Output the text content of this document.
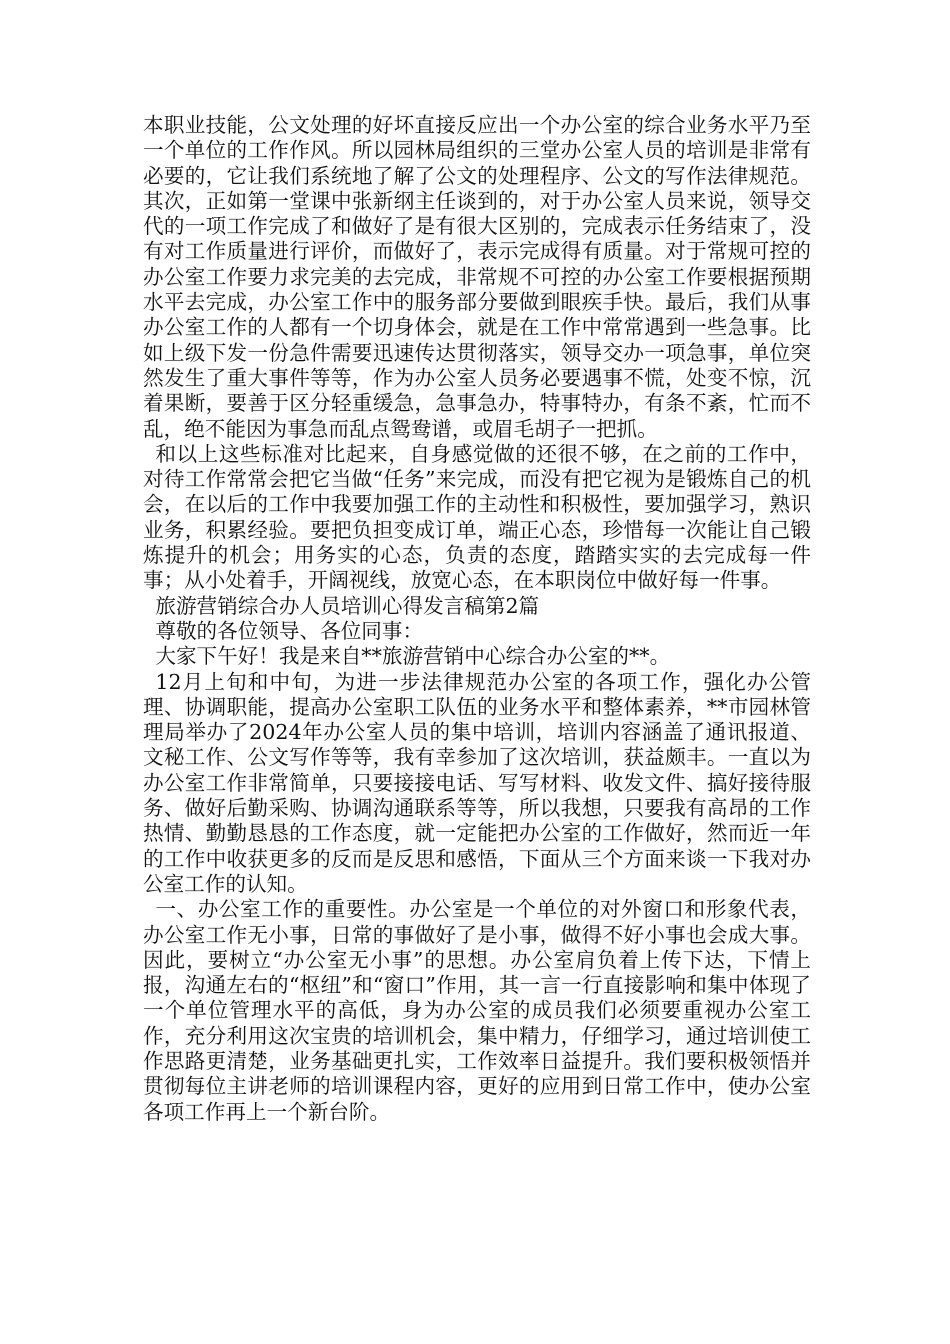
本职业技能，公文处理的好坏直接反应出一个办公室的综合业务水平乃至一个单位的工作作风。所以园林局组织的三堂办公室人员的培训是非常有必要的，它让我们系统地了解了公文的处理程序、公文的写作法律规范。其次，正如第一堂课中张新纲主任谈到的，对于办公室人员来说，领导交代的一项工作完成了和做好了是有很大区别的，完成表示任务结束了，没有对工作质量进行评价，而做好了，表示完成得有质量。对于常规可控的办公室工作要力求完美的去完成，非常规不可控的办公室工作要根据预期水平去完成，办公室工作中的服务部分要做到眼疾手快。最后，我们从事办公室工作的人都有一个切身体会，就是在工作中常常遇到一些急事。比如上级下发一份急件需要迅速传达贯彻落实，领导交办一项急事，单位突然发生了重大事件等等，作为办公室人员务必要遇事不慌，处变不惊，沉着果断，要善于区分轻重缓急，急事急办，特事特办，有条不紊，忙而不乱，绝不能因为事急而乱点鸳鸯谱，或眉毛胡子一把抓。

和以上这些标准对比起来，自身感觉做的还很不够，在之前的工作中，对待工作常常会把它当做“任务”来完成，而没有把它视为是锻炼自己的机会，在以后的工作中我要加强工作的主动性和积极性，要加强学习，熟识业务，积累经验。要把负担变成订单，端正心态，珍惜每一次能让自己锻炼提升的机会；用务实的心态，负责的态度，踏踏实实的去完成每一件事；从小处着手，开阔视线，放宽心态，在本职岗位中做好每一件事。

旅游营销综合办人员培训心得发言稿第2篇

尊敬的各位领导、各位同事：

大家下午好！我是来自**旅游营销中心综合办公室的**。

12月上旬和中旬，为进一步法律规范办公室的各项工作，强化办公管理、协调职能，提高办公室职工队伍的业务水平和整体素养，**市园林管理局举办了2024年办公室人员的集中培训，培训内容涵盖了通讯报道、文秘工作、公文写作等等，我有幸参加了这次培训，获益颇丰。一直以为办公室工作非常简单，只要接接电话、写写材料、收发文件、搞好接待服务、做好后勤采购、协调沟通联系等等，所以我想，只要我有高昂的工作热情、勤勤恳恳的工作态度，就一定能把办公室的工作做好，然而近一年的工作中收获更多的反而是反思和感悟，下面从三个方面来谈一下我对办公室工作的认知。

一、办公室工作的重要性。办公室是一个单位的对外窗口和形象代表，办公室工作无小事，日常的事做好了是小事，做得不好小事也会成大事。因此，要树立“办公室无小事”的思想。办公室肩负着上传下达，下情上报，沟通左右的“枢纽”和“窗口”作用，其一言一行直接影响和集中体现了一个单位管理水平的高低，身为办公室的成员我们必须要重视办公室工作，充分利用这次宝贵的培训机会，集中精力，仔细学习，通过培训使工作思路更清楚，业务基础更扎实，工作效率日益提升。我们要积极领悟并贯彻每位主讲老师的培训课程内容，更好的应用到日常工作中，使办公室各项工作再上一个新台阶。
